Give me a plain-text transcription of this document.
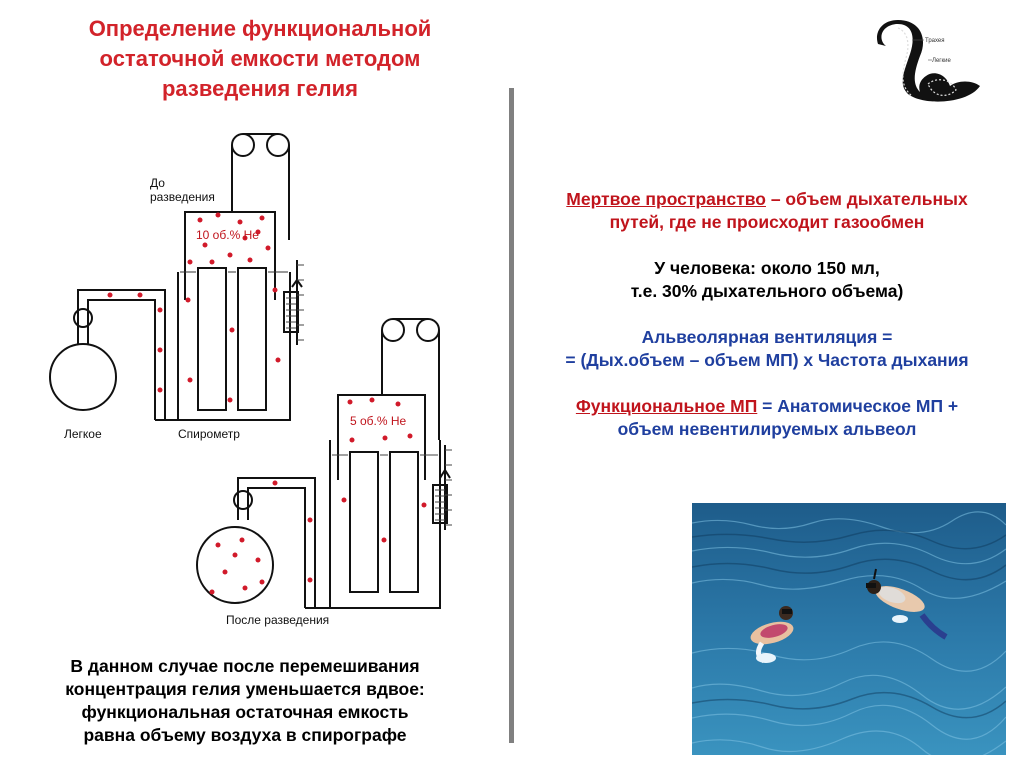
Определение функциональной
остаточной емкости методом
разведения гелия
До
разведения
10 об.% Не
Легкое	Спирометр
5 об.% Не
После разведения
Трахея
Легкие

Мертвое пространство – объем дыхательных

путей, где не происходит газообмен

У человека: около 150 мл,

т.е. 30% дыхательного объема)

Альвеолярная вентиляция =

= (Дых.объем – объем МП) х Частота дыхания

Функциональное МП = Анатомическое МП +

объем невентилируемых альвеол

В данном случае после перемешивания
концентрация гелия уменьшается вдвое:
функциональная остаточная емкость
равна объему воздуха в спирографе
